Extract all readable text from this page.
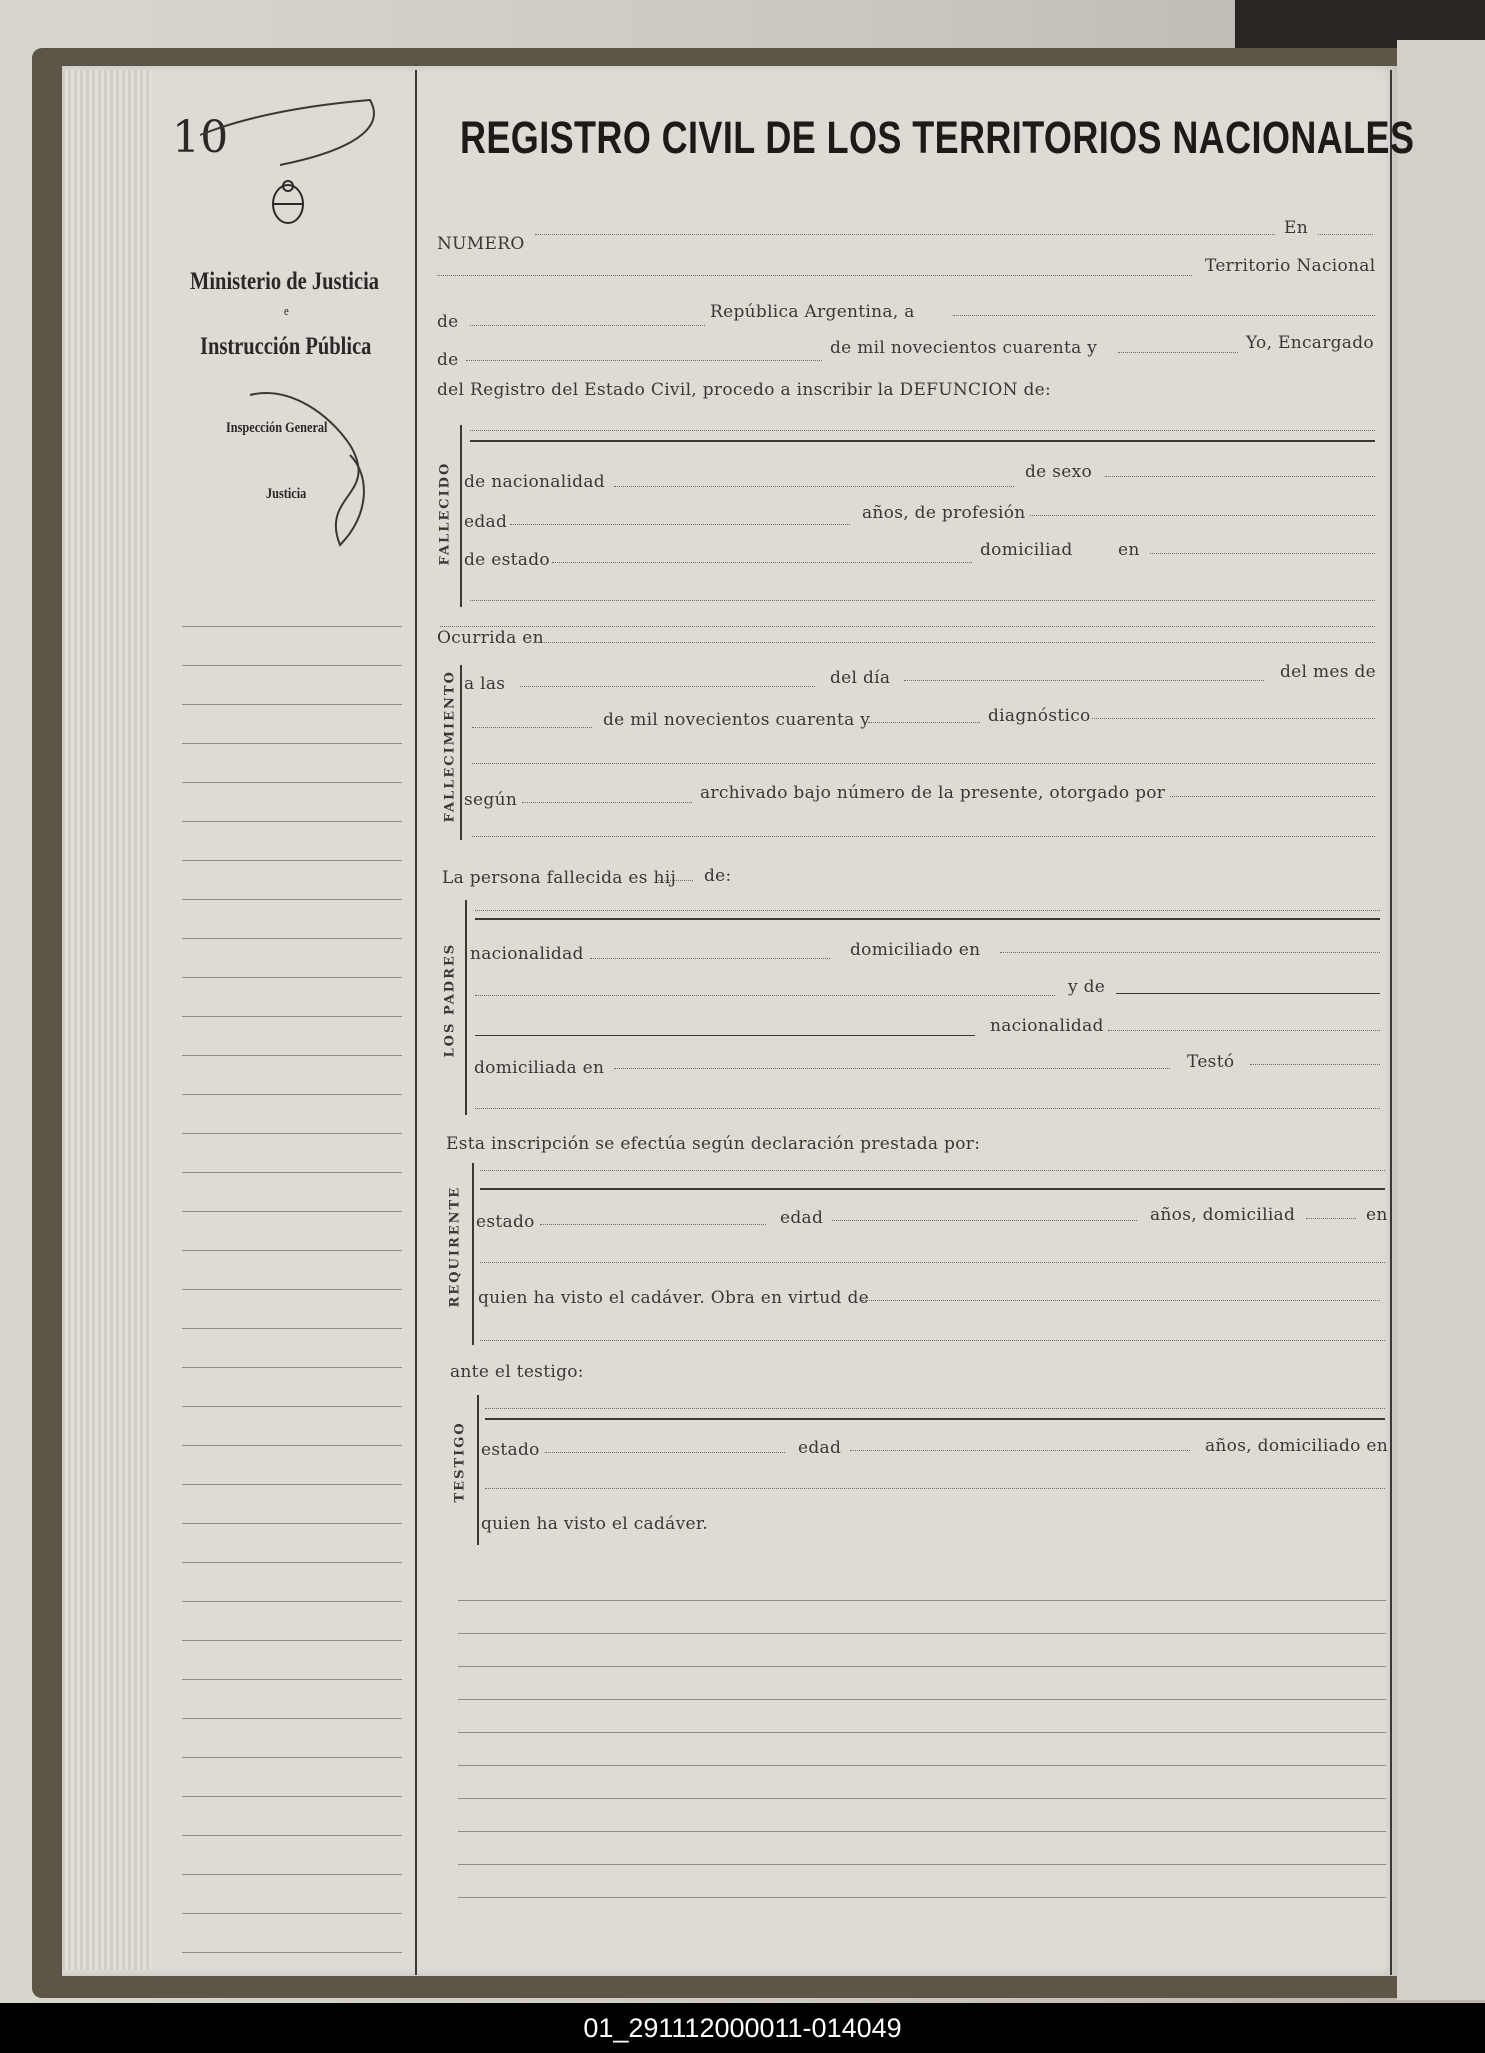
10
Ministerio de Justicia
e
Instrucción Pública
Inspección General
Justicia
REGISTRO CIVIL DE LOS TERRITORIOS NACIONALES
NUMERO
En
Territorio Nacional
de	República Argentina, a
de
de mil novecientos cuarenta y	Yo, Encargado
del Registro del Estado Civil, procedo a inscribir la DEFUNCION de:
FALLECIDO de nacionalidad	de sexo
edad	años, de profesión
de estado	domiciliad	en
Ocurrida en
FALLECIMIENTO a las	del día	del mes de
de mil novecientos cuarenta y	diagnóstico
según	archivado bajo número de la presente, otorgado por
La persona fallecida es hij de:
LOS PADRES nacionalidad	domiciliado en
y de
nacionalidad
domiciliada en	Testó
Esta inscripción se efectúa según declaración prestada por:
REQUIRENTE estado	edad	años, domiciliad	en
quien ha visto el cadáver. Obra en virtud de
ante el testigo:
TESTIGO estado	edad	años, domiciliado en
quien ha visto el cadáver.
01_291112000011-014049
